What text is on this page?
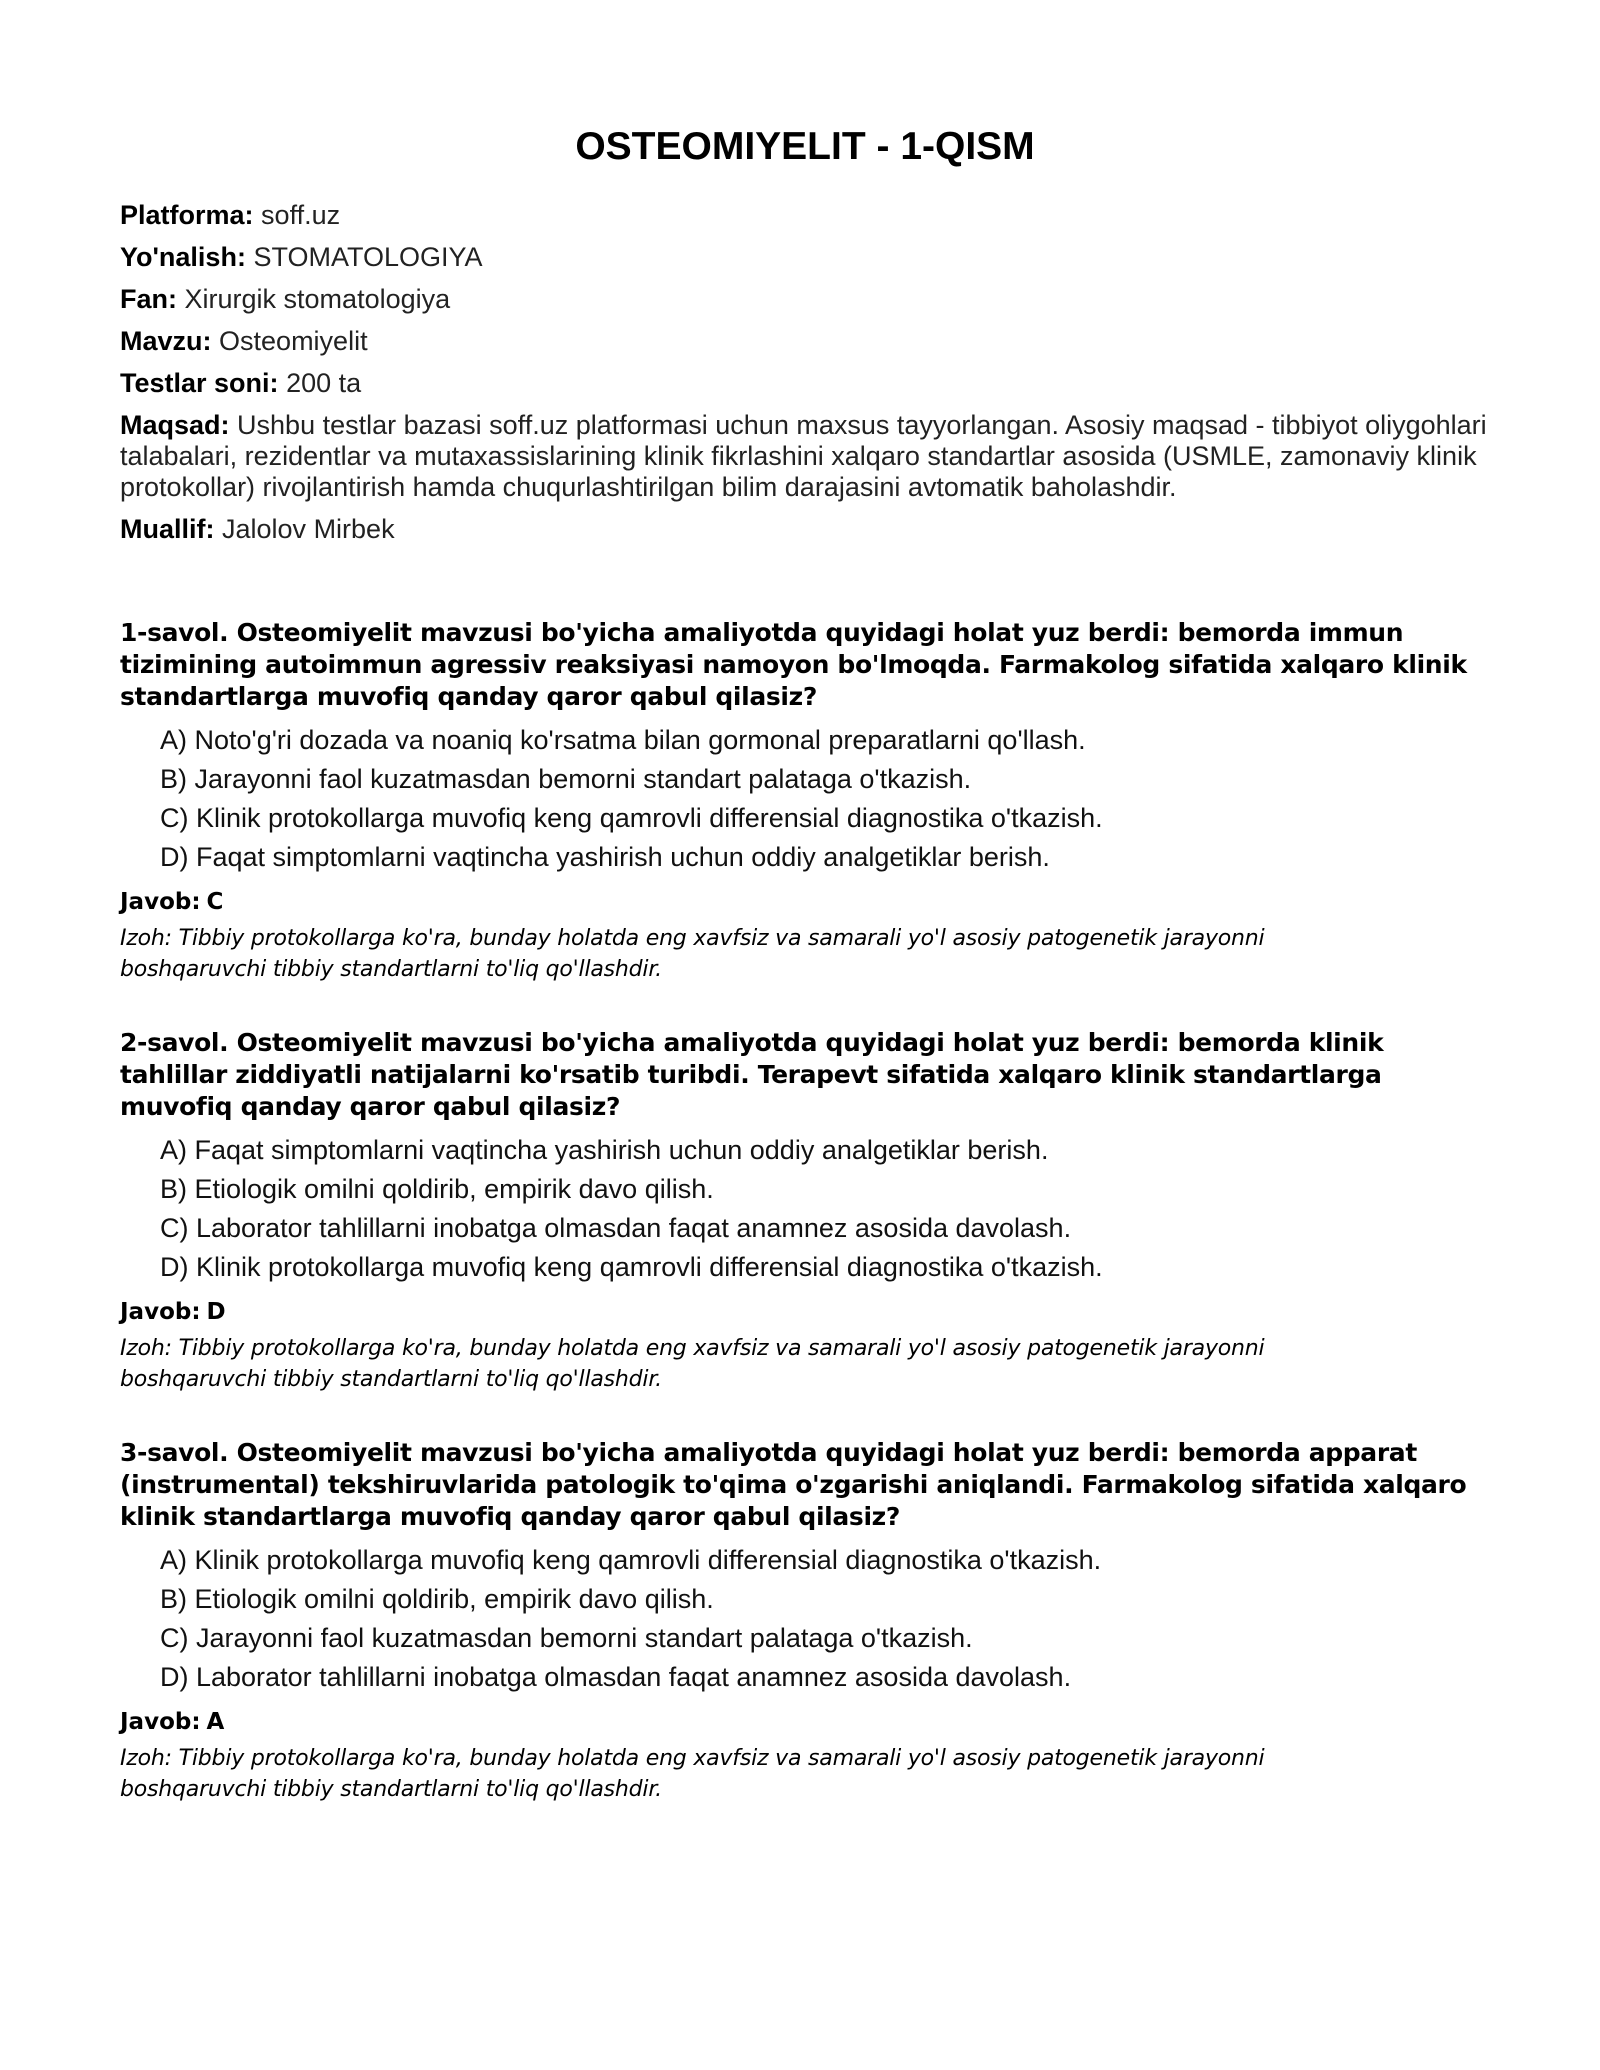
OSTEOMIYELIT - 1-QISM
Platforma: soff.uz
Yo'nalish: STOMATOLOGIYA
Fan: Xirurgik stomatologiya
Mavzu: Osteomiyelit
Testlar soni: 200 ta
Maqsad: Ushbu testlar bazasi soff.uz platformasi uchun maxsus tayyorlangan. Asosiy maqsad - tibbiyot oliygohlari talabalari, rezidentlar va mutaxassislarining klinik fikrlashini xalqaro standartlar asosida (USMLE, zamonaviy klinik protokollar) rivojlantirish hamda chuqurlashtirilgan bilim darajasini avtomatik baholashdir.
Muallif: Jalolov Mirbek
1-savol. Osteomiyelit mavzusi bo'yicha amaliyotda quyidagi holat yuz berdi: bemorda immun tizimining autoimmun agressiv reaksiyasi namoyon bo'lmoqda. Farmakolog sifatida xalqaro klinik standartlarga muvofiq qanday qaror qabul qilasiz?
A) Noto'g'ri dozada va noaniq ko'rsatma bilan gormonal preparatlarni qo'llash.
B) Jarayonni faol kuzatmasdan bemorni standart palataga o'tkazish.
C) Klinik protokollarga muvofiq keng qamrovli differensial diagnostika o'tkazish.
D) Faqat simptomlarni vaqtincha yashirish uchun oddiy analgetiklar berish.
Javob: C
Izoh: Tibbiy protokollarga ko'ra, bunday holatda eng xavfsiz va samarali yo'l asosiy patogenetik jarayonni boshqaruvchi tibbiy standartlarni to'liq qo'llashdir.
2-savol. Osteomiyelit mavzusi bo'yicha amaliyotda quyidagi holat yuz berdi: bemorda klinik tahlillar ziddiyatli natijalarni ko'rsatib turibdi. Terapevt sifatida xalqaro klinik standartlarga muvofiq qanday qaror qabul qilasiz?
A) Faqat simptomlarni vaqtincha yashirish uchun oddiy analgetiklar berish.
B) Etiologik omilni qoldirib, empirik davo qilish.
C) Laborator tahlillarni inobatga olmasdan faqat anamnez asosida davolash.
D) Klinik protokollarga muvofiq keng qamrovli differensial diagnostika o'tkazish.
Javob: D
Izoh: Tibbiy protokollarga ko'ra, bunday holatda eng xavfsiz va samarali yo'l asosiy patogenetik jarayonni boshqaruvchi tibbiy standartlarni to'liq qo'llashdir.
3-savol. Osteomiyelit mavzusi bo'yicha amaliyotda quyidagi holat yuz berdi: bemorda apparat (instrumental) tekshiruvlarida patologik to'qima o'zgarishi aniqlandi. Farmakolog sifatida xalqaro klinik standartlarga muvofiq qanday qaror qabul qilasiz?
A) Klinik protokollarga muvofiq keng qamrovli differensial diagnostika o'tkazish.
B) Etiologik omilni qoldirib, empirik davo qilish.
C) Jarayonni faol kuzatmasdan bemorni standart palataga o'tkazish.
D) Laborator tahlillarni inobatga olmasdan faqat anamnez asosida davolash.
Javob: A
Izoh: Tibbiy protokollarga ko'ra, bunday holatda eng xavfsiz va samarali yo'l asosiy patogenetik jarayonni boshqaruvchi tibbiy standartlarni to'liq qo'llashdir.
